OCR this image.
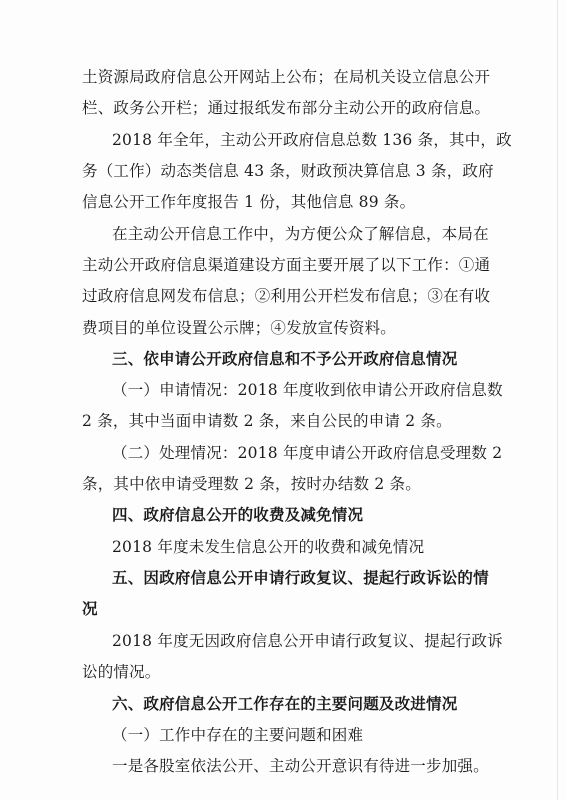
土资源局政府信息公开网站上公布；在局机关设立信息公开
栏、政务公开栏；通过报纸发布部分主动公开的政府信息。
2018 年全年，主动公开政府信息总数 136 条，其中，政
务（工作）动态类信息 43 条，财政预决算信息 3 条，政府
信息公开工作年度报告 1 份，其他信息 89 条。
在主动公开信息工作中，为方便公众了解信息，本局在
主动公开政府信息渠道建设方面主要开展了以下工作：①通
过政府信息网发布信息；②利用公开栏发布信息；③在有收
费项目的单位设置公示牌；④发放宣传资料。
三、依申请公开政府信息和不予公开政府信息情况
（一）申请情况：2018 年度收到依申请公开政府信息数
2 条，其中当面申请数 2 条，来自公民的申请 2 条。
（二）处理情况：2018 年度申请公开政府信息受理数 2
条，其中依申请受理数 2 条，按时办结数 2 条。
四、政府信息公开的收费及减免情况
2018 年度未发生信息公开的收费和减免情况
五、因政府信息公开申请行政复议、提起行政诉讼的情
况
2018 年度无因政府信息公开申请行政复议、提起行政诉
讼的情况。
六、政府信息公开工作存在的主要问题及改进情况
（一）工作中存在的主要问题和困难
一是各股室依法公开、主动公开意识有待进一步加强。
